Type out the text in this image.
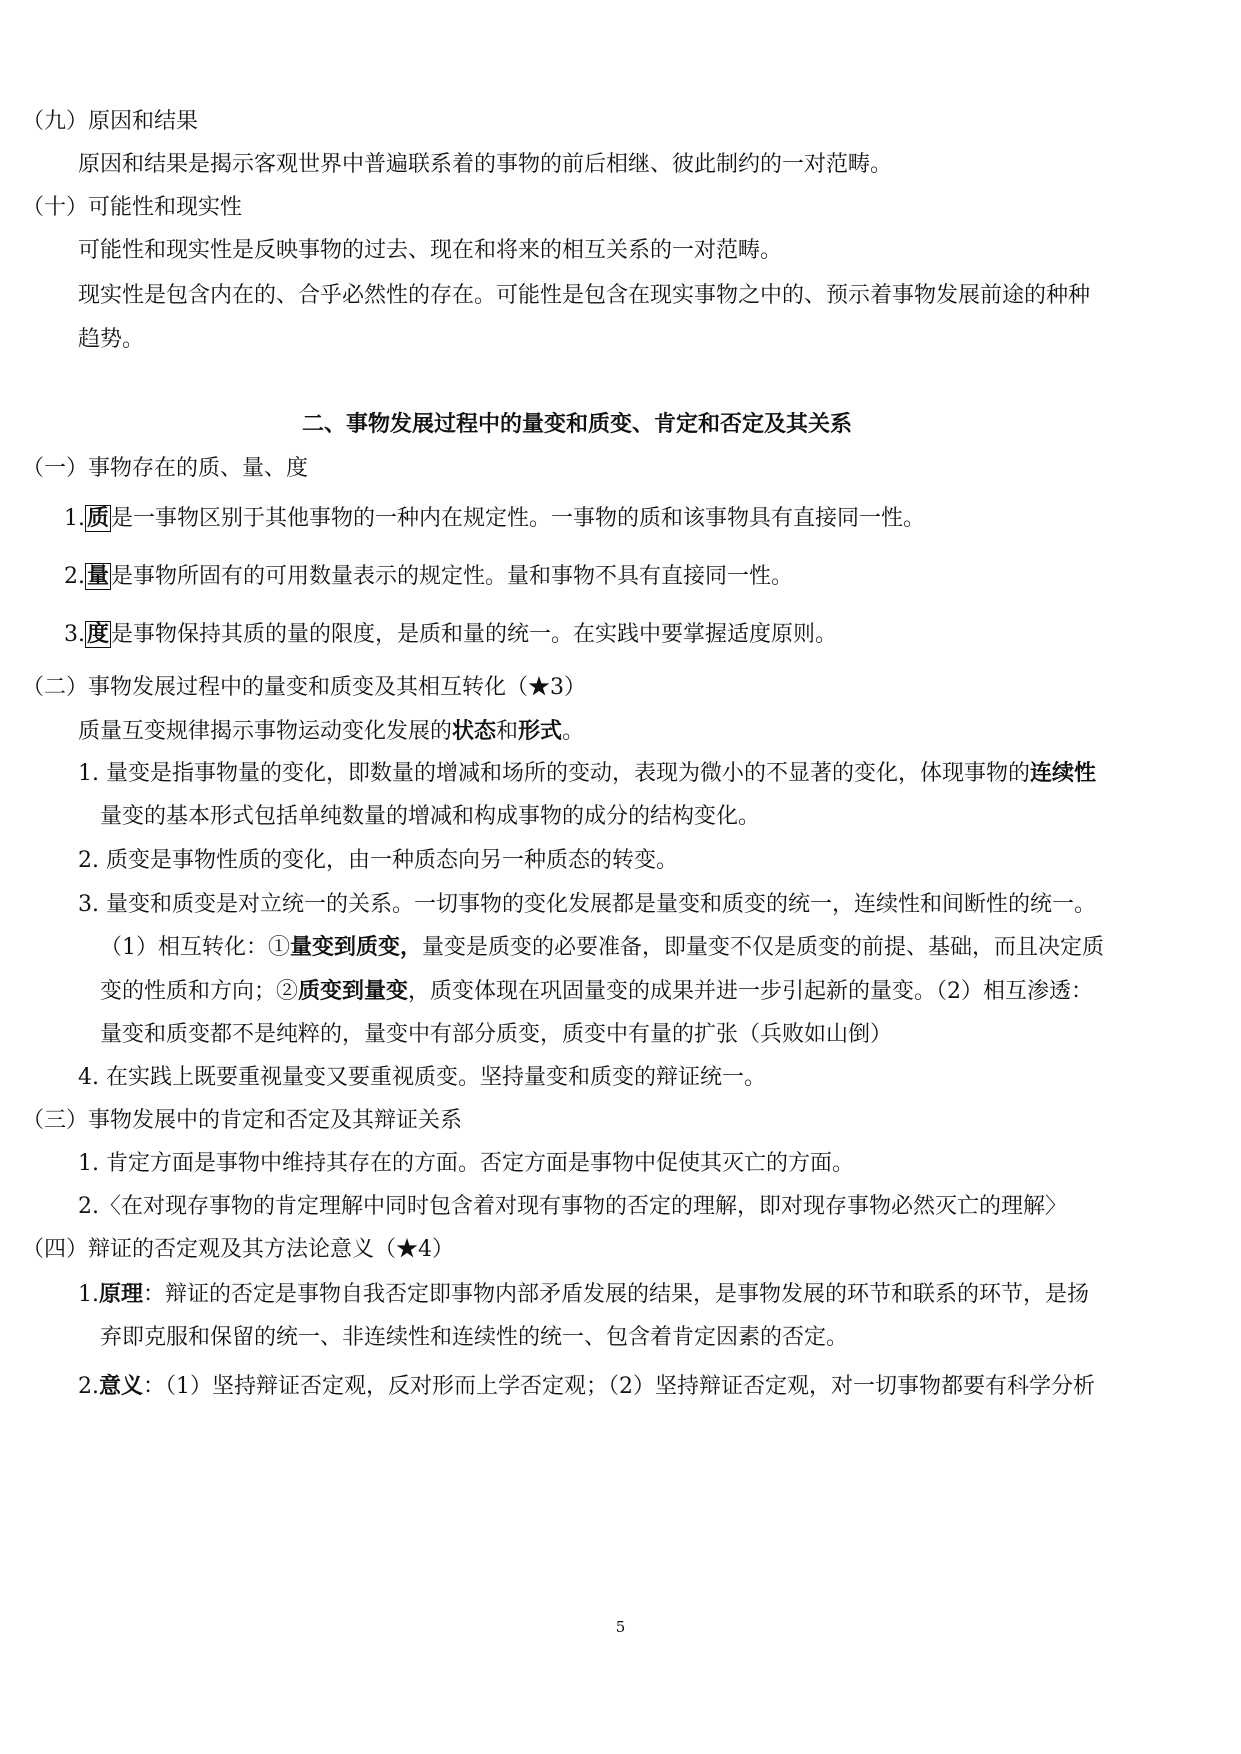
（九）原因和结果
原因和结果是揭示客观世界中普遍联系着的事物的前后相继、彼此制约的一对范畴。
（十）可能性和现实性
可能性和现实性是反映事物的过去、现在和将来的相互关系的一对范畴。
现实性是包含内在的、合乎必然性的存在。可能性是包含在现实事物之中的、预示着事物发展前途的种种
趋势。
二、事物发展过程中的量变和质变、肯定和否定及其关系
（一）事物存在的质、量、度
1.质是一事物区别于其他事物的一种内在规定性。一事物的质和该事物具有直接同一性。
2.量是事物所固有的可用数量表示的规定性。量和事物不具有直接同一性。
3.度是事物保持其质的量的限度，是质和量的统一。在实践中要掌握适度原则。
（二）事物发展过程中的量变和质变及其相互转化（★3）
质量互变规律揭示事物运动变化发展的状态和形式。
1. 量变是指事物量的变化，即数量的增减和场所的变动，表现为微小的不显著的变化，体现事物的连续性
量变的基本形式包括单纯数量的增减和构成事物的成分的结构变化。
2. 质变是事物性质的变化，由一种质态向另一种质态的转变。
3. 量变和质变是对立统一的关系。一切事物的变化发展都是量变和质变的统一，连续性和间断性的统一。
（1）相互转化：①量变到质变，量变是质变的必要准备，即量变不仅是质变的前提、基础，而且决定质
变的性质和方向；②质变到量变，质变体现在巩固量变的成果并进一步引起新的量变。（2）相互渗透：
量变和质变都不是纯粹的，量变中有部分质变，质变中有量的扩张（兵败如山倒）
4. 在实践上既要重视量变又要重视质变。坚持量变和质变的辩证统一。
（三）事物发展中的肯定和否定及其辩证关系
1. 肯定方面是事物中维持其存在的方面。否定方面是事物中促使其灭亡的方面。
2.〈在对现存事物的肯定理解中同时包含着对现有事物的否定的理解，即对现存事物必然灭亡的理解〉
（四）辩证的否定观及其方法论意义（★4）
1.原理：辩证的否定是事物自我否定即事物内部矛盾发展的结果，是事物发展的环节和联系的环节，是扬
弃即克服和保留的统一、非连续性和连续性的统一、包含着肯定因素的否定。
2.意义：（1）坚持辩证否定观，反对形而上学否定观；（2）坚持辩证否定观，对一切事物都要有科学分析
5
